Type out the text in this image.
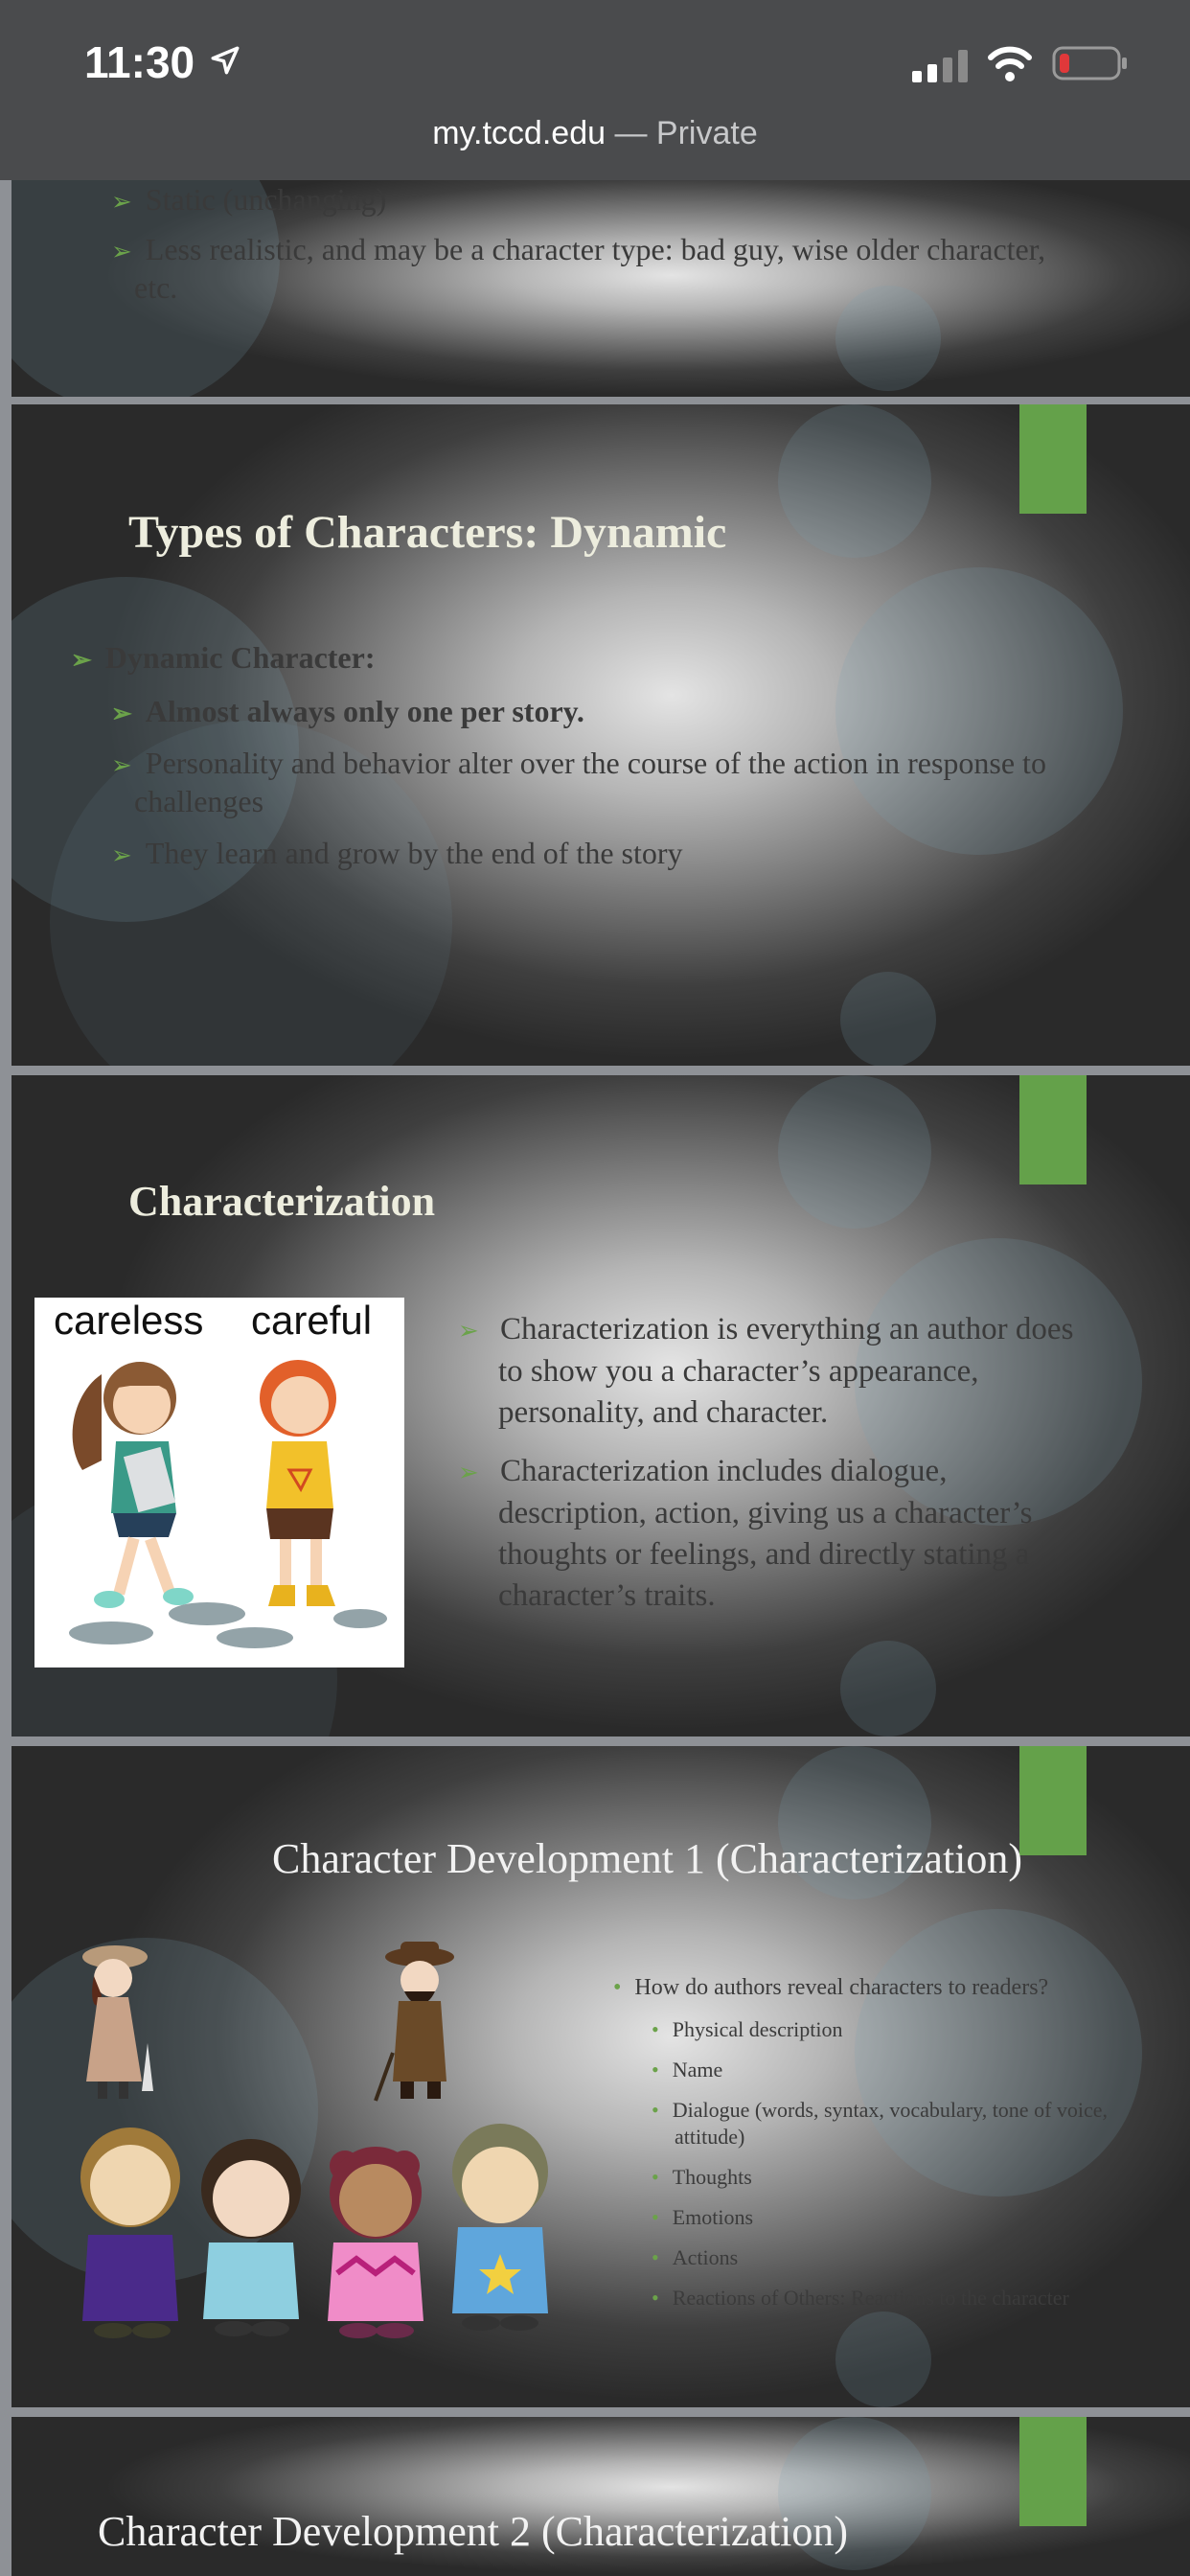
11:30
my.tccd.edu — Private
➢ Static (unchanging)
➢ Less realistic, and may be a character type: bad guy, wise older character,
etc.
Types of Characters: Dynamic
➢ Dynamic Character:
➢ Almost always only one per story.
➢ Personality and behavior alter over the course of the action in response to
challenges
➢ They learn and grow by the end of the story
Characterization
careless careful	➢ Characterization is everything an author does
to show you a character’s appearance,
personality, and character.
➢ Characterization includes dialogue,
description, action, giving us a character’s
thoughts or feelings, and directly stating a
character’s traits.
Character Development 1 (Characterization)
• How do authors reveal characters to readers?
• Physical description
• Name
• Dialogue (words, syntax, vocabulary, tone of voice,
attitude)
• Thoughts
• Emotions
• Actions
• Reactions of Others: Reactions to the character
Character Development 2 (Characterization)
